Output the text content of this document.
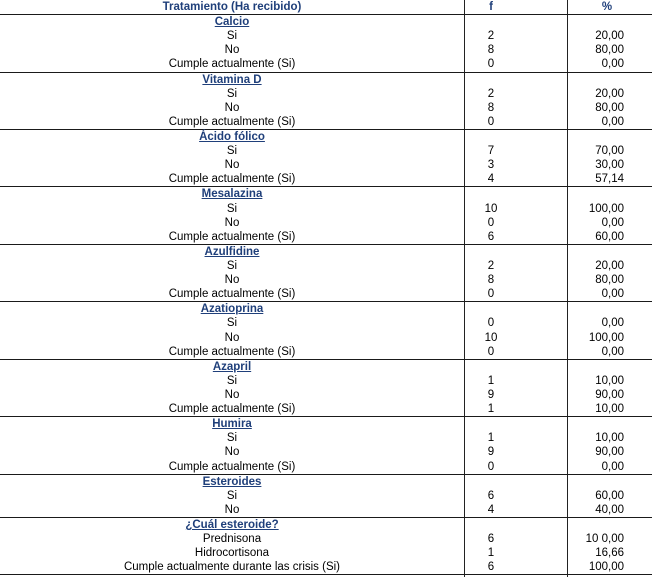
Tratamiento (Ha recibido)	f	%
Calcio
Si	2	20,00
No	8	80,00
Cumple actualmente (Si)	0	0,00
Vitamina D
Si	2	20,00
No	8	80,00
Cumple actualmente (Si)	0	0,00
Ácido fólico
Si	7	70,00
No	3	30,00
Cumple actualmente (Si)	4	57,14
Mesalazina
Si	10	100,00
No	0	0,00
Cumple actualmente (Si)	6	60,00
Azulfidine
Si	2	20,00
No	8	80,00
Cumple actualmente (Si)	0	0,00
Azatioprina
Si	0	0,00
No	10	100,00
Cumple actualmente (Si)	0	0,00
Azapril
Si	1	10,00
No	9	90,00
Cumple actualmente (Si)	1	10,00
Humira
Si	1	10,00
No	9	90,00
Cumple actualmente (Si)	0	0,00
Esteroides
Si	6	60,00
No	4	40,00
¿Cuál esteroide?
Prednisona	6	10 0,00
Hidrocortisona	1	16,66
Cumple actualmente durante las crisis (Si)	6	100,00
